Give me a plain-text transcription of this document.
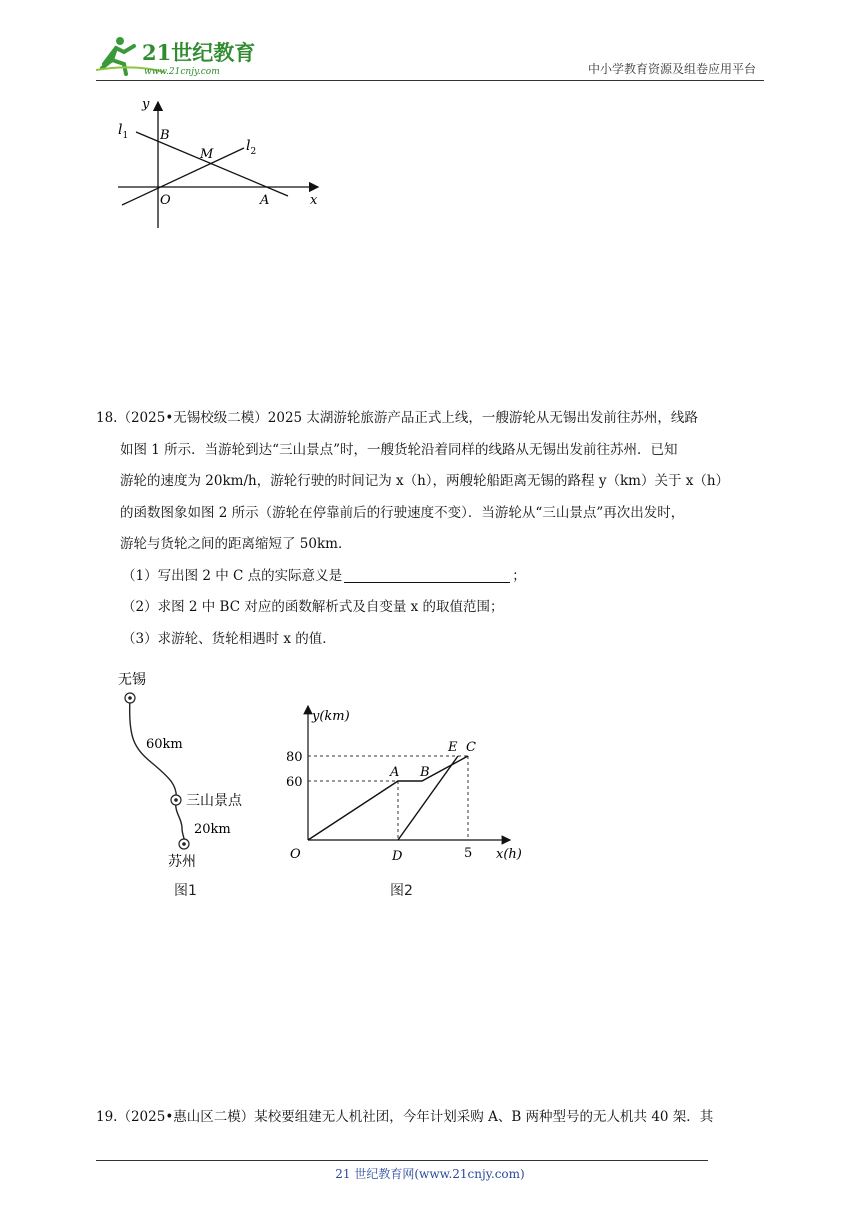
21世纪教育
www.21cnjy.com	中小学教育资源及组卷应用平台
y
x
$l_1$
$l_2$
B
M
O	A

18.（2025•无锡校级二模）2025 太湖游轮旅游产品正式上线，一艘游轮从无锡出发前往苏州，线路

如图 1 所示．当游轮到达“三山景点”时，一艘货轮沿着同样的线路从无锡出发前往苏州．已知

游轮的速度为 20km/h，游轮行驶的时间记为 x（h），两艘轮船距离无锡的路程 y（km）关于 x（h）

的函数图象如图 2 所示（游轮在停靠前后的行驶速度不变）．当游轮从“三山景点”再次出发时，

游轮与货轮之间的距离缩短了 50km．

（1）写出图 2 中 C 点的实际意义是	；

（2）求图 2 中 BC 对应的函数解析式及自变量 x 的取值范围；

（3）求游轮、货轮相遇时 x 的值．

无锡
60km
三山景点
20km
苏州
图1
y(km)
x(h)
80
60
5
A B
E C
D
O
图2

19.（2025•惠山区二模）某校要组建无人机社团，今年计划采购 A、B 两种型号的无人机共 40 架．其

21 世纪教育网(www.21cnjy.com)
